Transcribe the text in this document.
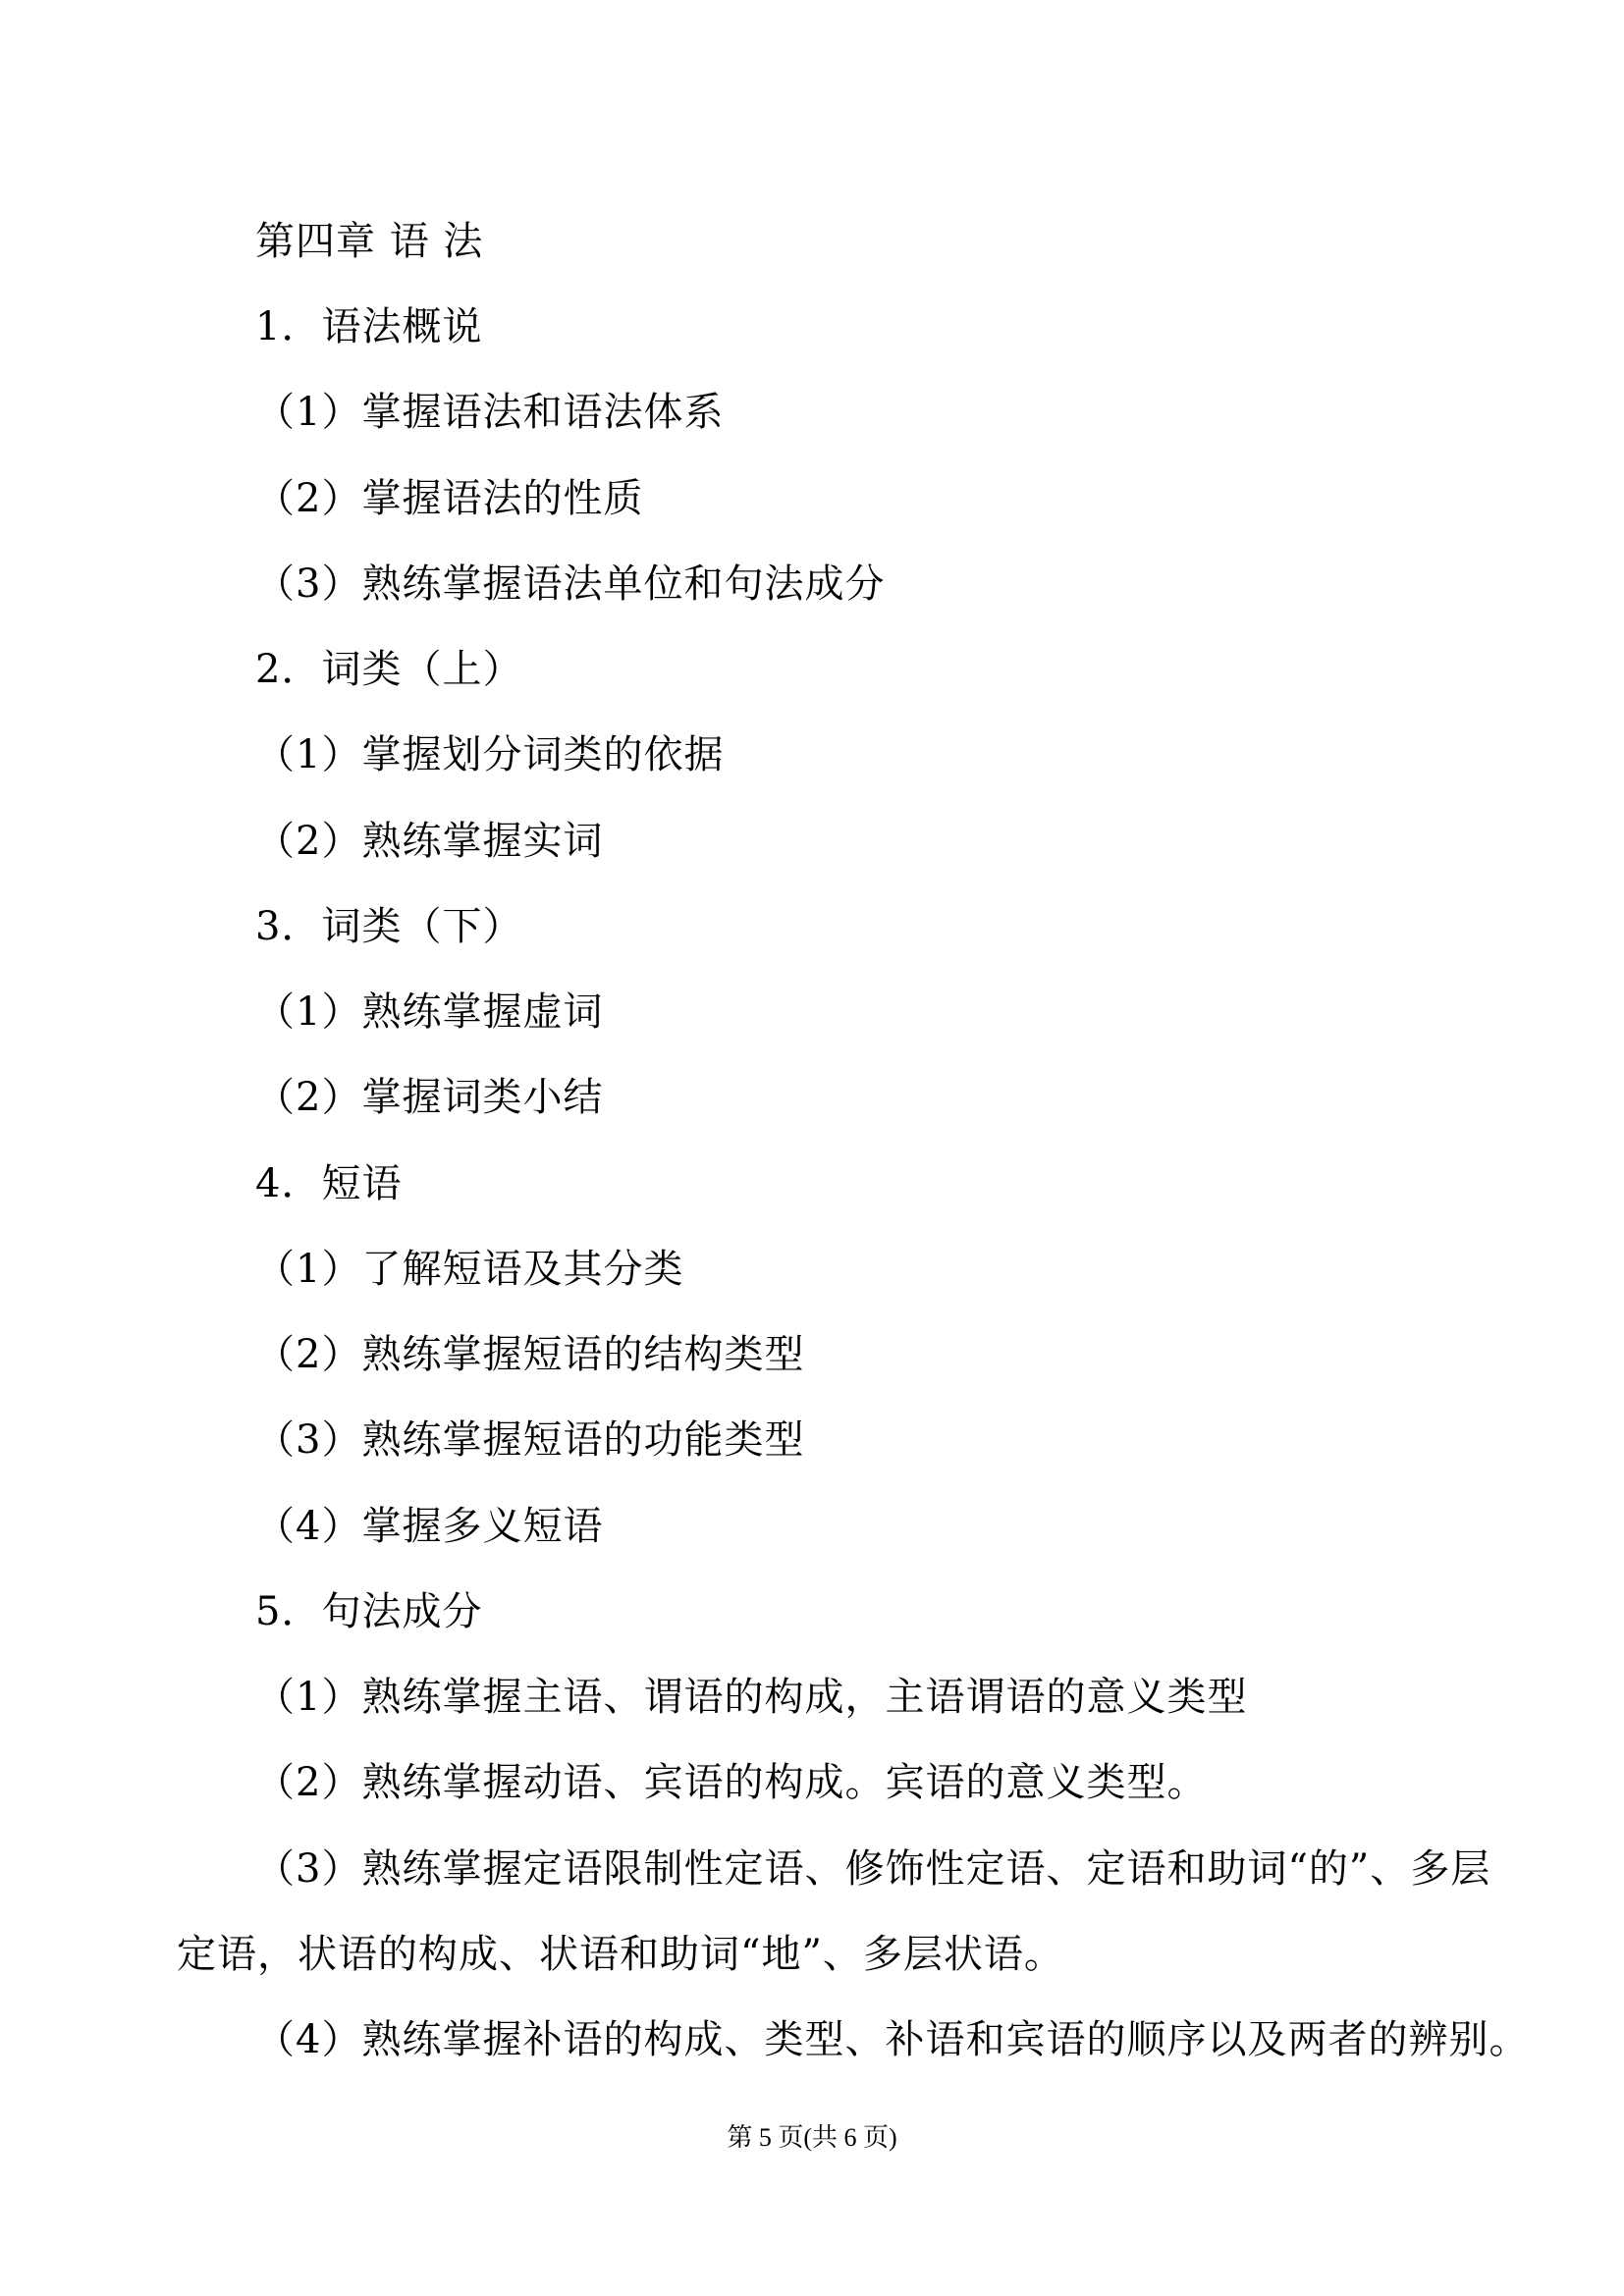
第四章 语 法
1．语法概说
（1）掌握语法和语法体系
（2）掌握语法的性质
（3）熟练掌握语法单位和句法成分
2．词类（上）
（1）掌握划分词类的依据
（2）熟练掌握实词
3．词类（下）
（1）熟练掌握虚词
（2）掌握词类小结
4．短语
（1）了解短语及其分类
（2）熟练掌握短语的结构类型
（3）熟练掌握短语的功能类型
（4）掌握多义短语
5．句法成分
（1）熟练掌握主语、谓语的构成，主语谓语的意义类型
（2）熟练掌握动语、宾语的构成。宾语的意义类型。
（3）熟练掌握定语限制性定语、修饰性定语、定语和助词“的”、多层
定语，状语的构成、状语和助词“地”、多层状语。
（4）熟练掌握补语的构成、类型、补语和宾语的顺序以及两者的辨别。
第 5 页(共 6 页)
